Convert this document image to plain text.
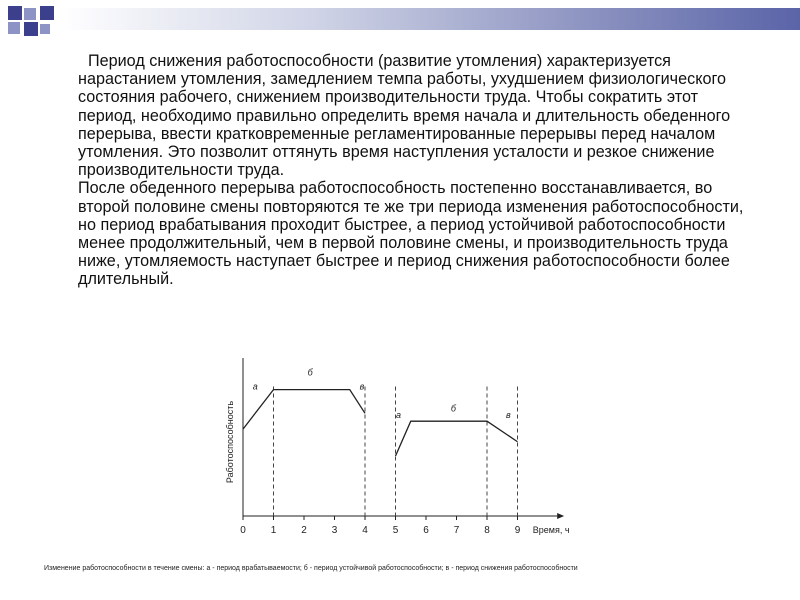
Период снижения работоспособности (развитие утомления) характеризуется нарастанием утомления, замедлением темпа работы, ухудшением физиологического состояния рабочего, снижением производительности труда. Чтобы сократить этот период, необходимо правильно определить время начала и длительность обеденного перерыва, ввести кратковременные регламентированные перерывы перед началом утомления. Это позволит оттянуть время наступления усталости и резкое снижение производительности труда.

После обеденного перерыва работоспособность постепенно восстанавливается, во второй половине смены повторяются те же три периода изменения работоспособности, но период врабатывания проходит быстрее, а период устойчивой работоспособности менее продолжительный, чем в первой половине смены, и производительность труда ниже, утомляемость наступает быстрее и период снижения работоспособности более длительный.

Работоспособность
0 1 2 3 4 5 6 7 8 9 Время, ч
а
б
в
а
б
в
Изменение работоспособности в течение смены: а - период врабатываемости; б - период устойчивой работоспособности; в - период снижения работоспособности
